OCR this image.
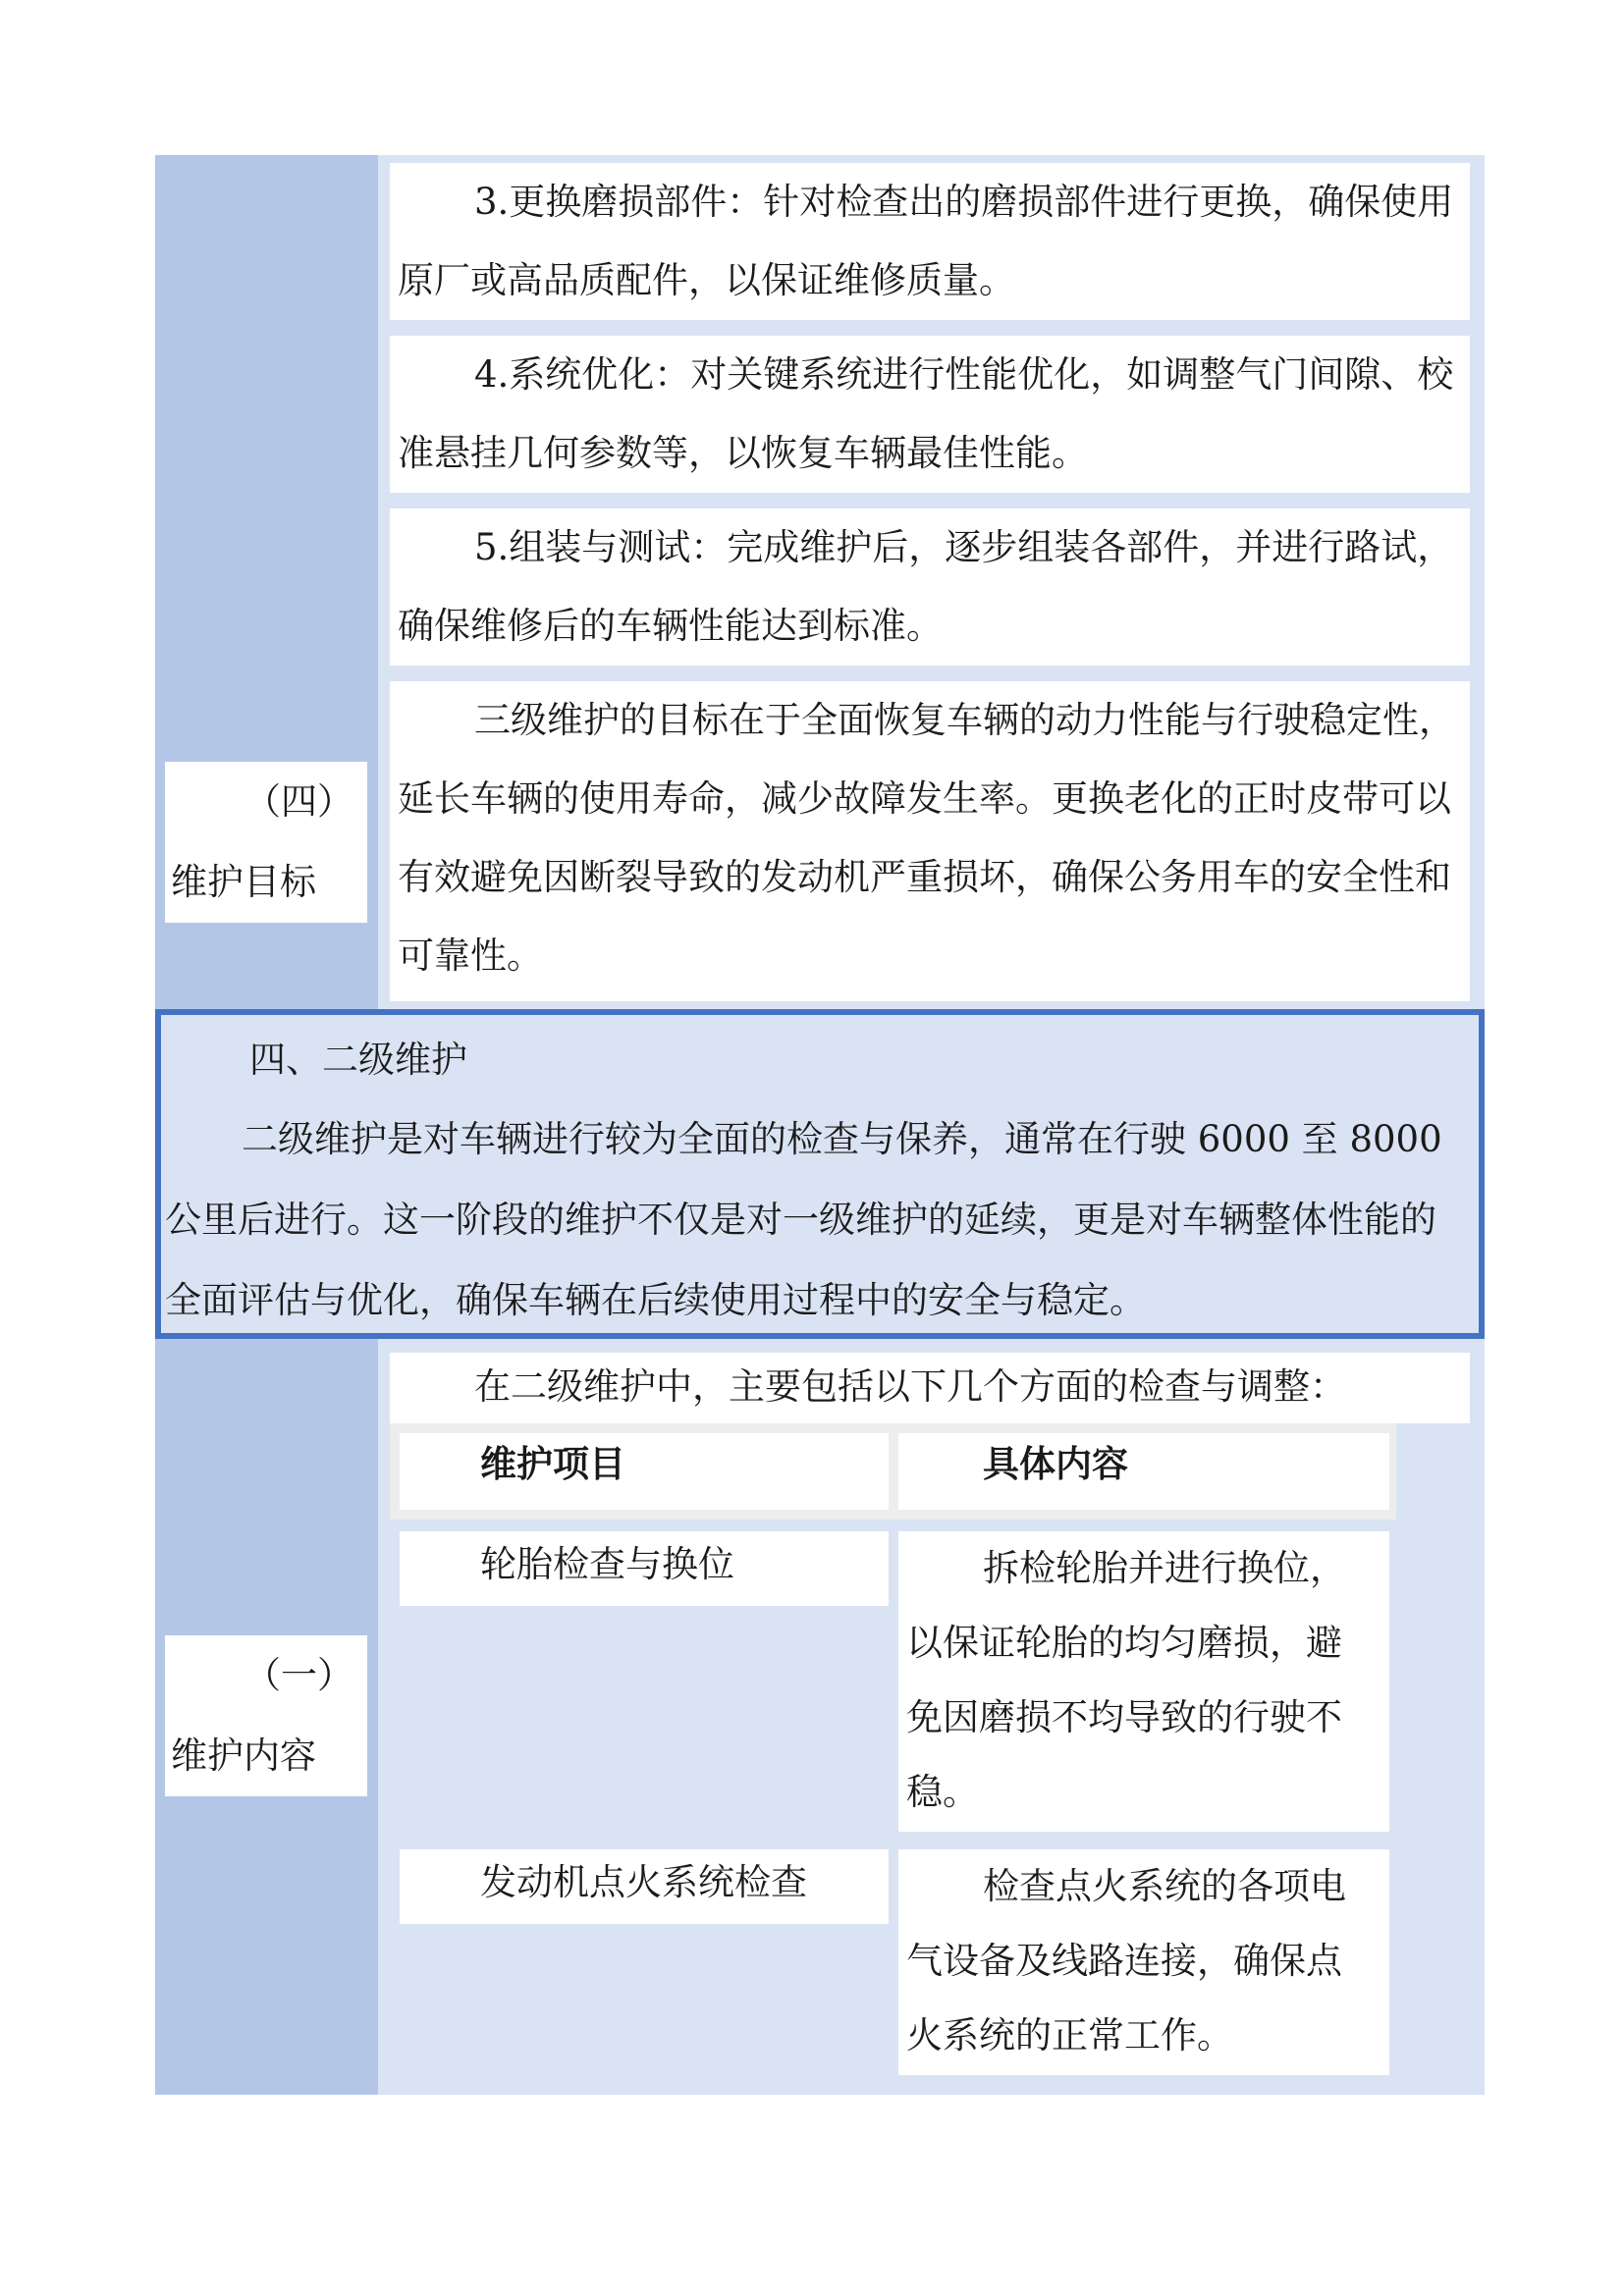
3.更换磨损部件：针对检查出的磨损部件进行更换，确保使用原厂或高品质配件，以保证维修质量。

4.系统优化：对关键系统进行性能优化，如调整气门间隙、校准悬挂几何参数等，以恢复车辆最佳性能。

5.组装与测试：完成维护后，逐步组装各部件，并进行路试，确保维修后的车辆性能达到标准。

三级维护的目标在于全面恢复车辆的动力性能与行驶稳定性，延长车辆的使用寿命，减少故障发生率。更换老化的正时皮带可以有效避免因断裂导致的发动机严重损坏，确保公务用车的安全性和可靠性。

（四）
维护目标
四、二级维护

二级维护是对车辆进行较为全面的检查与保养，通常在行驶 6000 至 8000 公里后进行。这一阶段的维护不仅是对一级维护的延续，更是对车辆整体性能的全面评估与优化，确保车辆在后续使用过程中的安全与稳定。

在二级维护中，主要包括以下几个方面的检查与调整：

维护项目	具体内容
轮胎检查与换位	拆检轮胎并进行换位，以保证轮胎的均匀磨损，避免因磨损不均导致的行驶不稳。

发动机点火系统检查	检查点火系统的各项电气设备及线路连接，确保点火系统的正常工作。

（一）
维护内容
